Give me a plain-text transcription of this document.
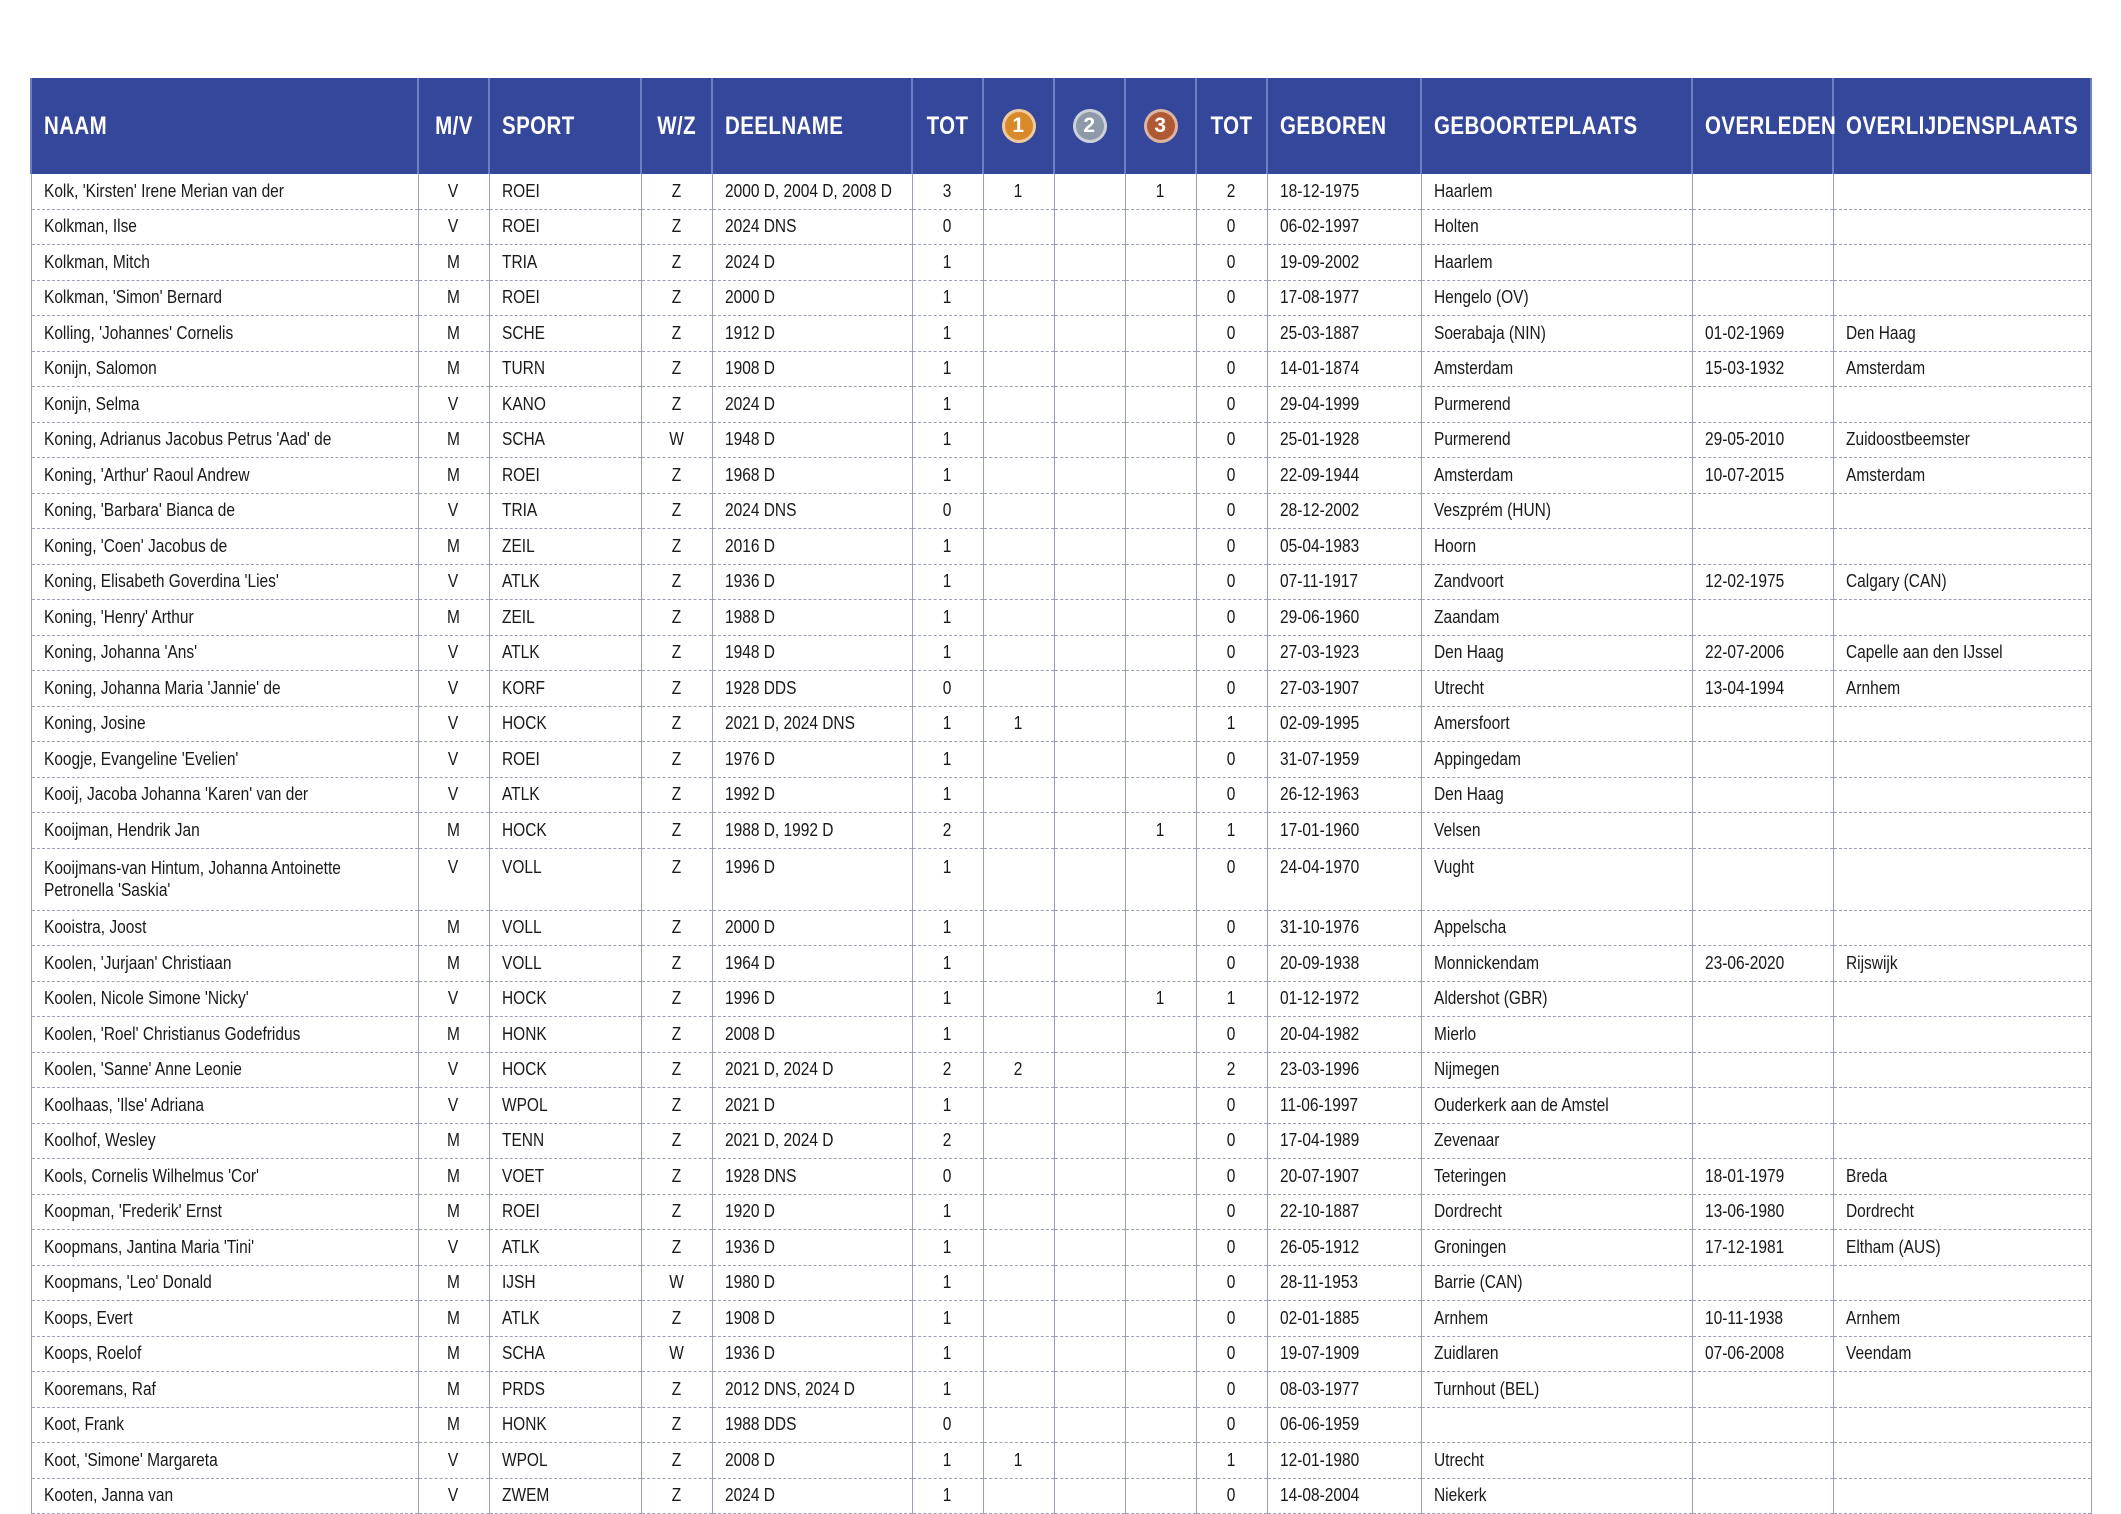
NAAM	M/V	SPORT	W/Z	DEELNAME	TOT	1	2	3	TOT	GEBOREN	GEBOORTEPLAATS	OVERLEDEN	OVERLIJDENSPLAATS
Kolk, 'Kirsten' Irene Merian van der	V	ROEI	Z	2000 D, 2004 D, 2008 D	3	1		1	2	18-12-1975	Haarlem		
Kolkman, Ilse	V	ROEI	Z	2024 DNS	0				0	06-02-1997	Holten		
Kolkman, Mitch	M	TRIA	Z	2024 D	1				0	19-09-2002	Haarlem		
Kolkman, 'Simon' Bernard	M	ROEI	Z	2000 D	1				0	17-08-1977	Hengelo (OV)		
Kolling, 'Johannes' Cornelis	M	SCHE	Z	1912 D	1				0	25-03-1887	Soerabaja (NIN)	01-02-1969	Den Haag
Konijn, Salomon	M	TURN	Z	1908 D	1				0	14-01-1874	Amsterdam	15-03-1932	Amsterdam
Konijn, Selma	V	KANO	Z	2024 D	1				0	29-04-1999	Purmerend		
Koning, Adrianus Jacobus Petrus 'Aad' de	M	SCHA	W	1948 D	1				0	25-01-1928	Purmerend	29-05-2010	Zuidoostbeemster
Koning, 'Arthur' Raoul Andrew	M	ROEI	Z	1968 D	1				0	22-09-1944	Amsterdam	10-07-2015	Amsterdam
Koning, 'Barbara' Bianca de	V	TRIA	Z	2024 DNS	0				0	28-12-2002	Veszprém (HUN)		
Koning, 'Coen' Jacobus de	M	ZEIL	Z	2016 D	1				0	05-04-1983	Hoorn		
Koning, Elisabeth Goverdina 'Lies'	V	ATLK	Z	1936 D	1				0	07-11-1917	Zandvoort	12-02-1975	Calgary (CAN)
Koning, 'Henry' Arthur	M	ZEIL	Z	1988 D	1				0	29-06-1960	Zaandam		
Koning, Johanna 'Ans'	V	ATLK	Z	1948 D	1				0	27-03-1923	Den Haag	22-07-2006	Capelle aan den IJssel
Koning, Johanna Maria 'Jannie' de	V	KORF	Z	1928 DDS	0				0	27-03-1907	Utrecht	13-04-1994	Arnhem
Koning, Josine	V	HOCK	Z	2021 D, 2024 DNS	1	1			1	02-09-1995	Amersfoort		
Koogje, Evangeline 'Evelien'	V	ROEI	Z	1976 D	1				0	31-07-1959	Appingedam		
Kooij, Jacoba Johanna 'Karen' van der	V	ATLK	Z	1992 D	1				0	26-12-1963	Den Haag		
Kooijman, Hendrik Jan	M	HOCK	Z	1988 D, 1992 D	2			1	1	17-01-1960	Velsen		

Kooijmans-van Hintum, Johanna Antoinette Petronella 'Saskia'	V	VOLL	Z	1996 D	1				0	24-04-1970	Vught		
Kooistra, Joost	M	VOLL	Z	2000 D	1				0	31-10-1976	Appelscha		
Koolen, 'Jurjaan' Christiaan	M	VOLL	Z	1964 D	1				0	20-09-1938	Monnickendam	23-06-2020	Rijswijk
Koolen, Nicole Simone 'Nicky'	V	HOCK	Z	1996 D	1			1	1	01-12-1972	Aldershot (GBR)		
Koolen, 'Roel' Christianus Godefridus	M	HONK	Z	2008 D	1				0	20-04-1982	Mierlo		
Koolen, 'Sanne' Anne Leonie	V	HOCK	Z	2021 D, 2024 D	2	2			2	23-03-1996	Nijmegen		
Koolhaas, 'Ilse' Adriana	V	WPOL	Z	2021 D	1				0	11-06-1997	Ouderkerk aan de Amstel		
Koolhof, Wesley	M	TENN	Z	2021 D, 2024 D	2				0	17-04-1989	Zevenaar		
Kools, Cornelis Wilhelmus 'Cor'	M	VOET	Z	1928 DNS	0				0	20-07-1907	Teteringen	18-01-1979	Breda
Koopman, 'Frederik' Ernst	M	ROEI	Z	1920 D	1				0	22-10-1887	Dordrecht	13-06-1980	Dordrecht
Koopmans, Jantina Maria 'Tini'	V	ATLK	Z	1936 D	1				0	26-05-1912	Groningen	17-12-1981	Eltham (AUS)
Koopmans, 'Leo' Donald	M	IJSH	W	1980 D	1				0	28-11-1953	Barrie (CAN)		
Koops, Evert	M	ATLK	Z	1908 D	1				0	02-01-1885	Arnhem	10-11-1938	Arnhem
Koops, Roelof	M	SCHA	W	1936 D	1				0	19-07-1909	Zuidlaren	07-06-2008	Veendam
Kooremans, Raf	M	PRDS	Z	2012 DNS, 2024 D	1				0	08-03-1977	Turnhout (BEL)		
Koot, Frank	M	HONK	Z	1988 DDS	0				0	06-06-1959			
Koot, 'Simone' Margareta	V	WPOL	Z	2008 D	1	1			1	12-01-1980	Utrecht		
Kooten, Janna van	V	ZWEM	Z	2024 D	1				0	14-08-2004	Niekerk		
